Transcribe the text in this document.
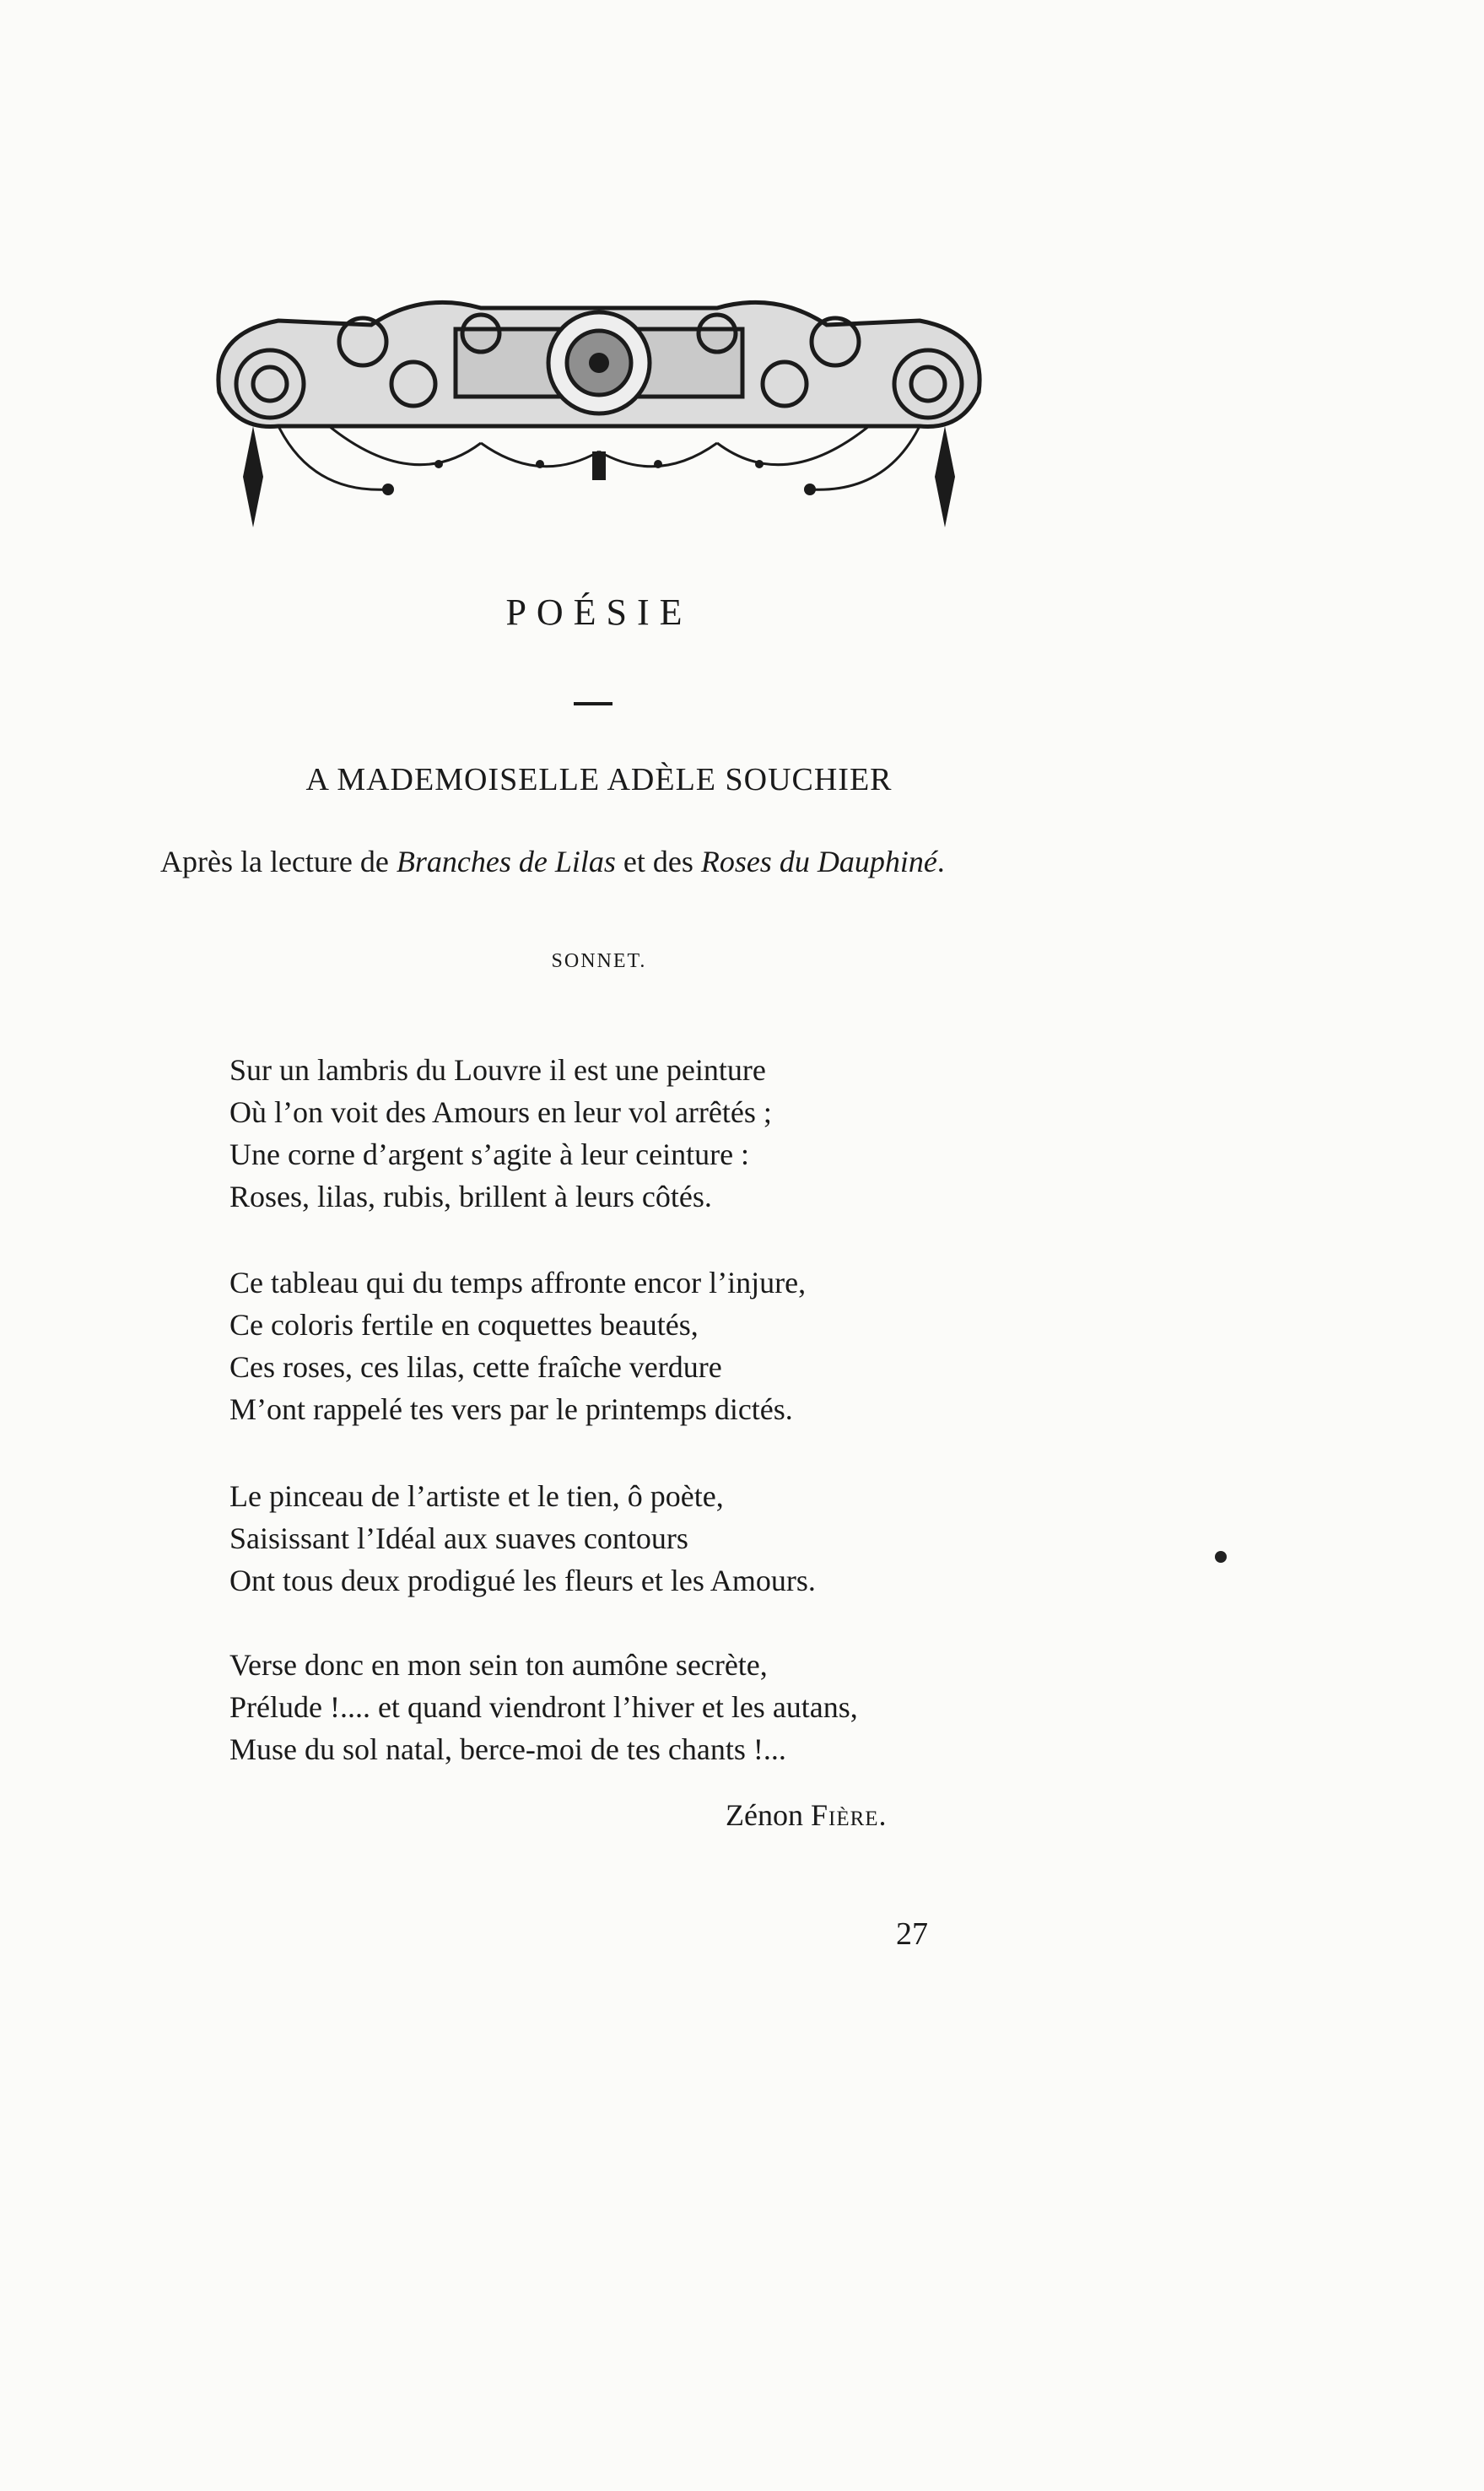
POÉSIE
A MADEMOISELLE ADÈLE SOUCHIER
Après la lecture de Branches de Lilas et des Roses du Dauphiné.
SONNET.
Sur un lambris du Louvre il est une peinture
Où l’on voit des Amours en leur vol arrêtés ;
Une corne d’argent s’agite à leur ceinture :
Roses, lilas, rubis, brillent à leurs côtés.
Ce tableau qui du temps affronte encor l’injure,
Ce coloris fertile en coquettes beautés,
Ces roses, ces lilas, cette fraîche verdure
M’ont rappelé tes vers par le printemps dictés.
Le pinceau de l’artiste et le tien, ô poète,
Saisissant l’Idéal aux suaves contours
Ont tous deux prodigué les fleurs et les Amours.
Verse donc en mon sein ton aumône secrète,
Prélude !.... et quand viendront l’hiver et les autans,
Muse du sol natal, berce-moi de tes chants !...
Zénon Fière.
27
